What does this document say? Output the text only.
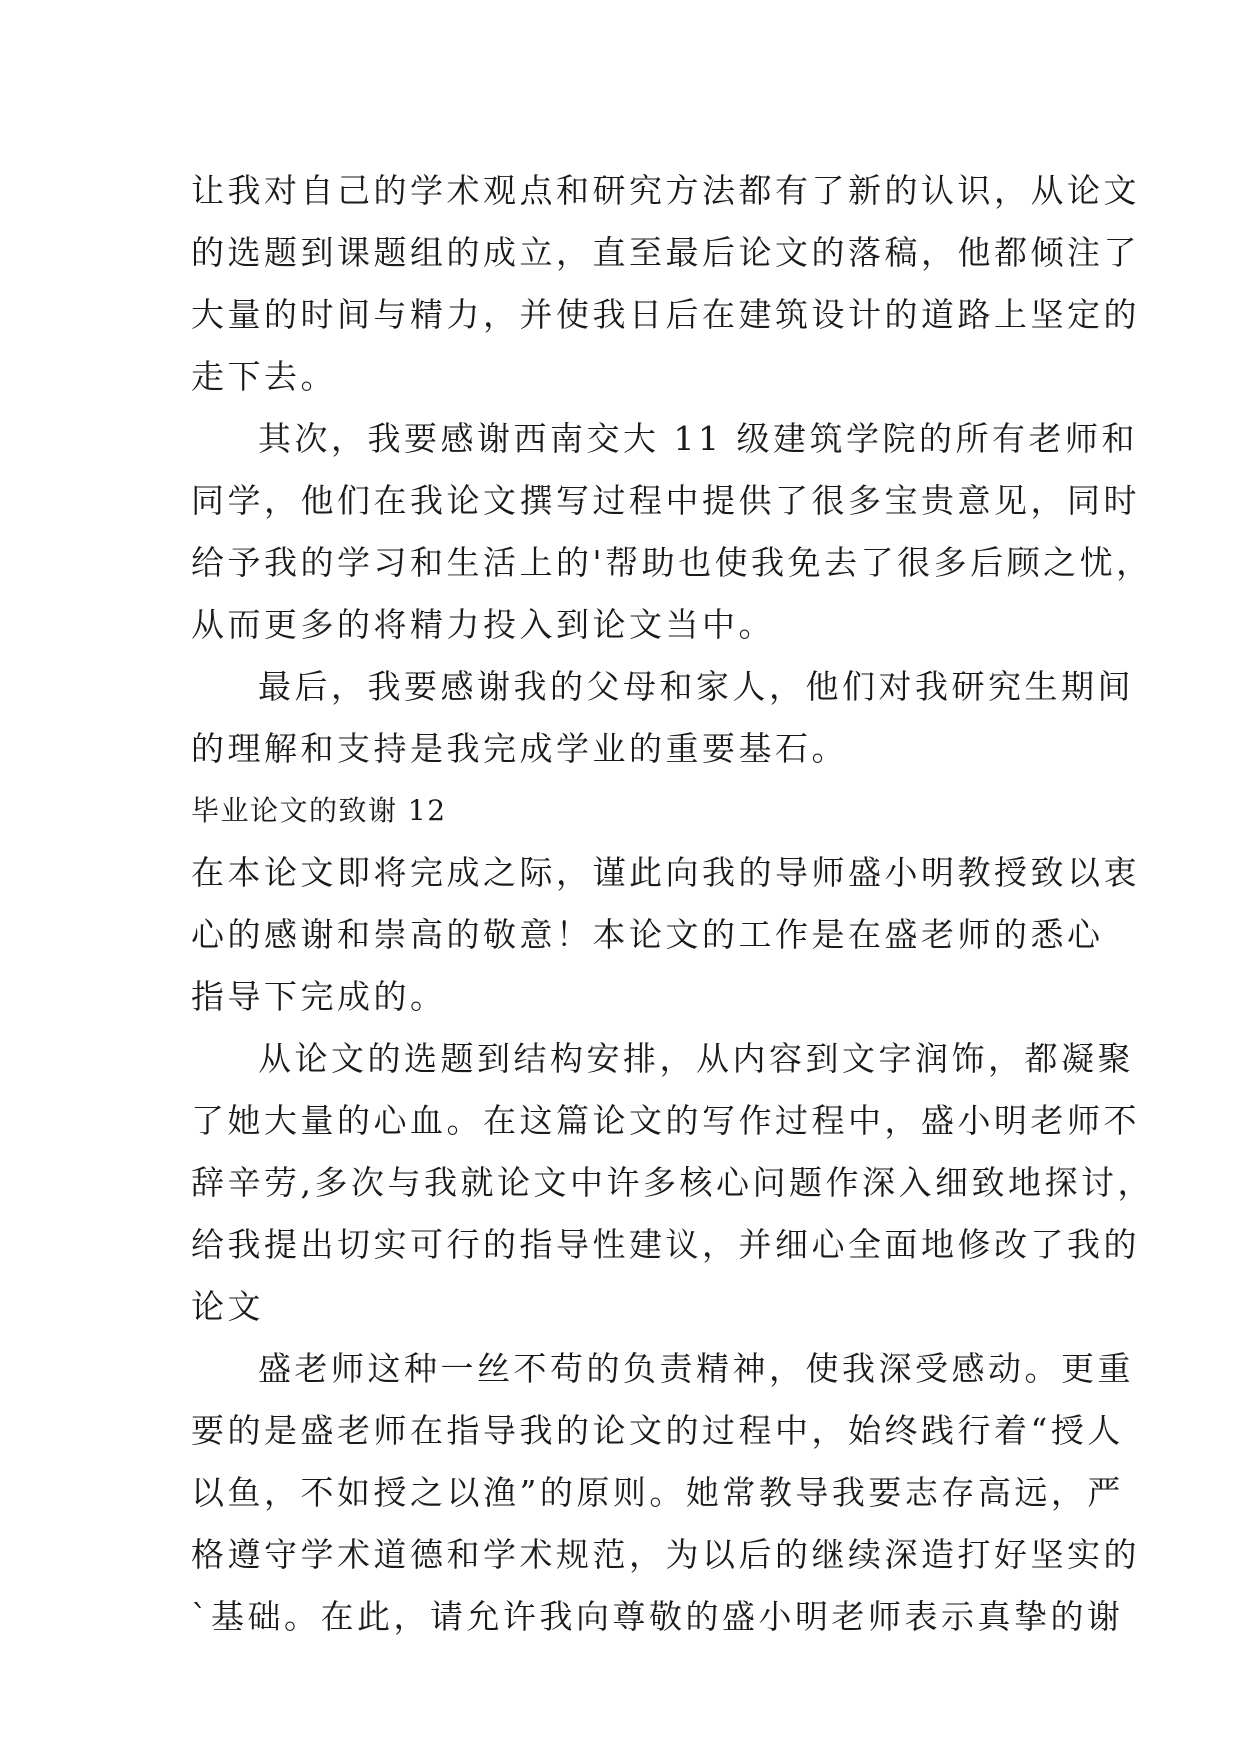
让我对自己的学术观点和研究方法都有了新的认识，从论文
的选题到课题组的成立，直至最后论文的落稿，他都倾注了
大量的时间与精力，并使我日后在建筑设计的道路上坚定的
走下去。
其次，我要感谢西南交大 11 级建筑学院的所有老师和
同学，他们在我论文撰写过程中提供了很多宝贵意见，同时
给予我的学习和生活上的'帮助也使我免去了很多后顾之忧，
从而更多的将精力投入到论文当中。
最后，我要感谢我的父母和家人，他们对我研究生期间
的理解和支持是我完成学业的重要基石。
毕业论文的致谢 12
在本论文即将完成之际，谨此向我的导师盛小明教授致以衷
心的感谢和崇高的敬意！本论文的工作是在盛老师的悉心
指导下完成的。
从论文的选题到结构安排，从内容到文字润饰，都凝聚
了她大量的心血。在这篇论文的写作过程中，盛小明老师不
辞辛劳,多次与我就论文中许多核心问题作深入细致地探讨，
给我提出切实可行的指导性建议，并细心全面地修改了我的
论文
盛老师这种一丝不苟的负责精神，使我深受感动。更重
要的是盛老师在指导我的论文的过程中，始终践行着“授人
以鱼，不如授之以渔”的原则。她常教导我要志存高远，严
格遵守学术道德和学术规范，为以后的继续深造打好坚实的
`基础。在此，请允许我向尊敬的盛小明老师表示真挚的谢
